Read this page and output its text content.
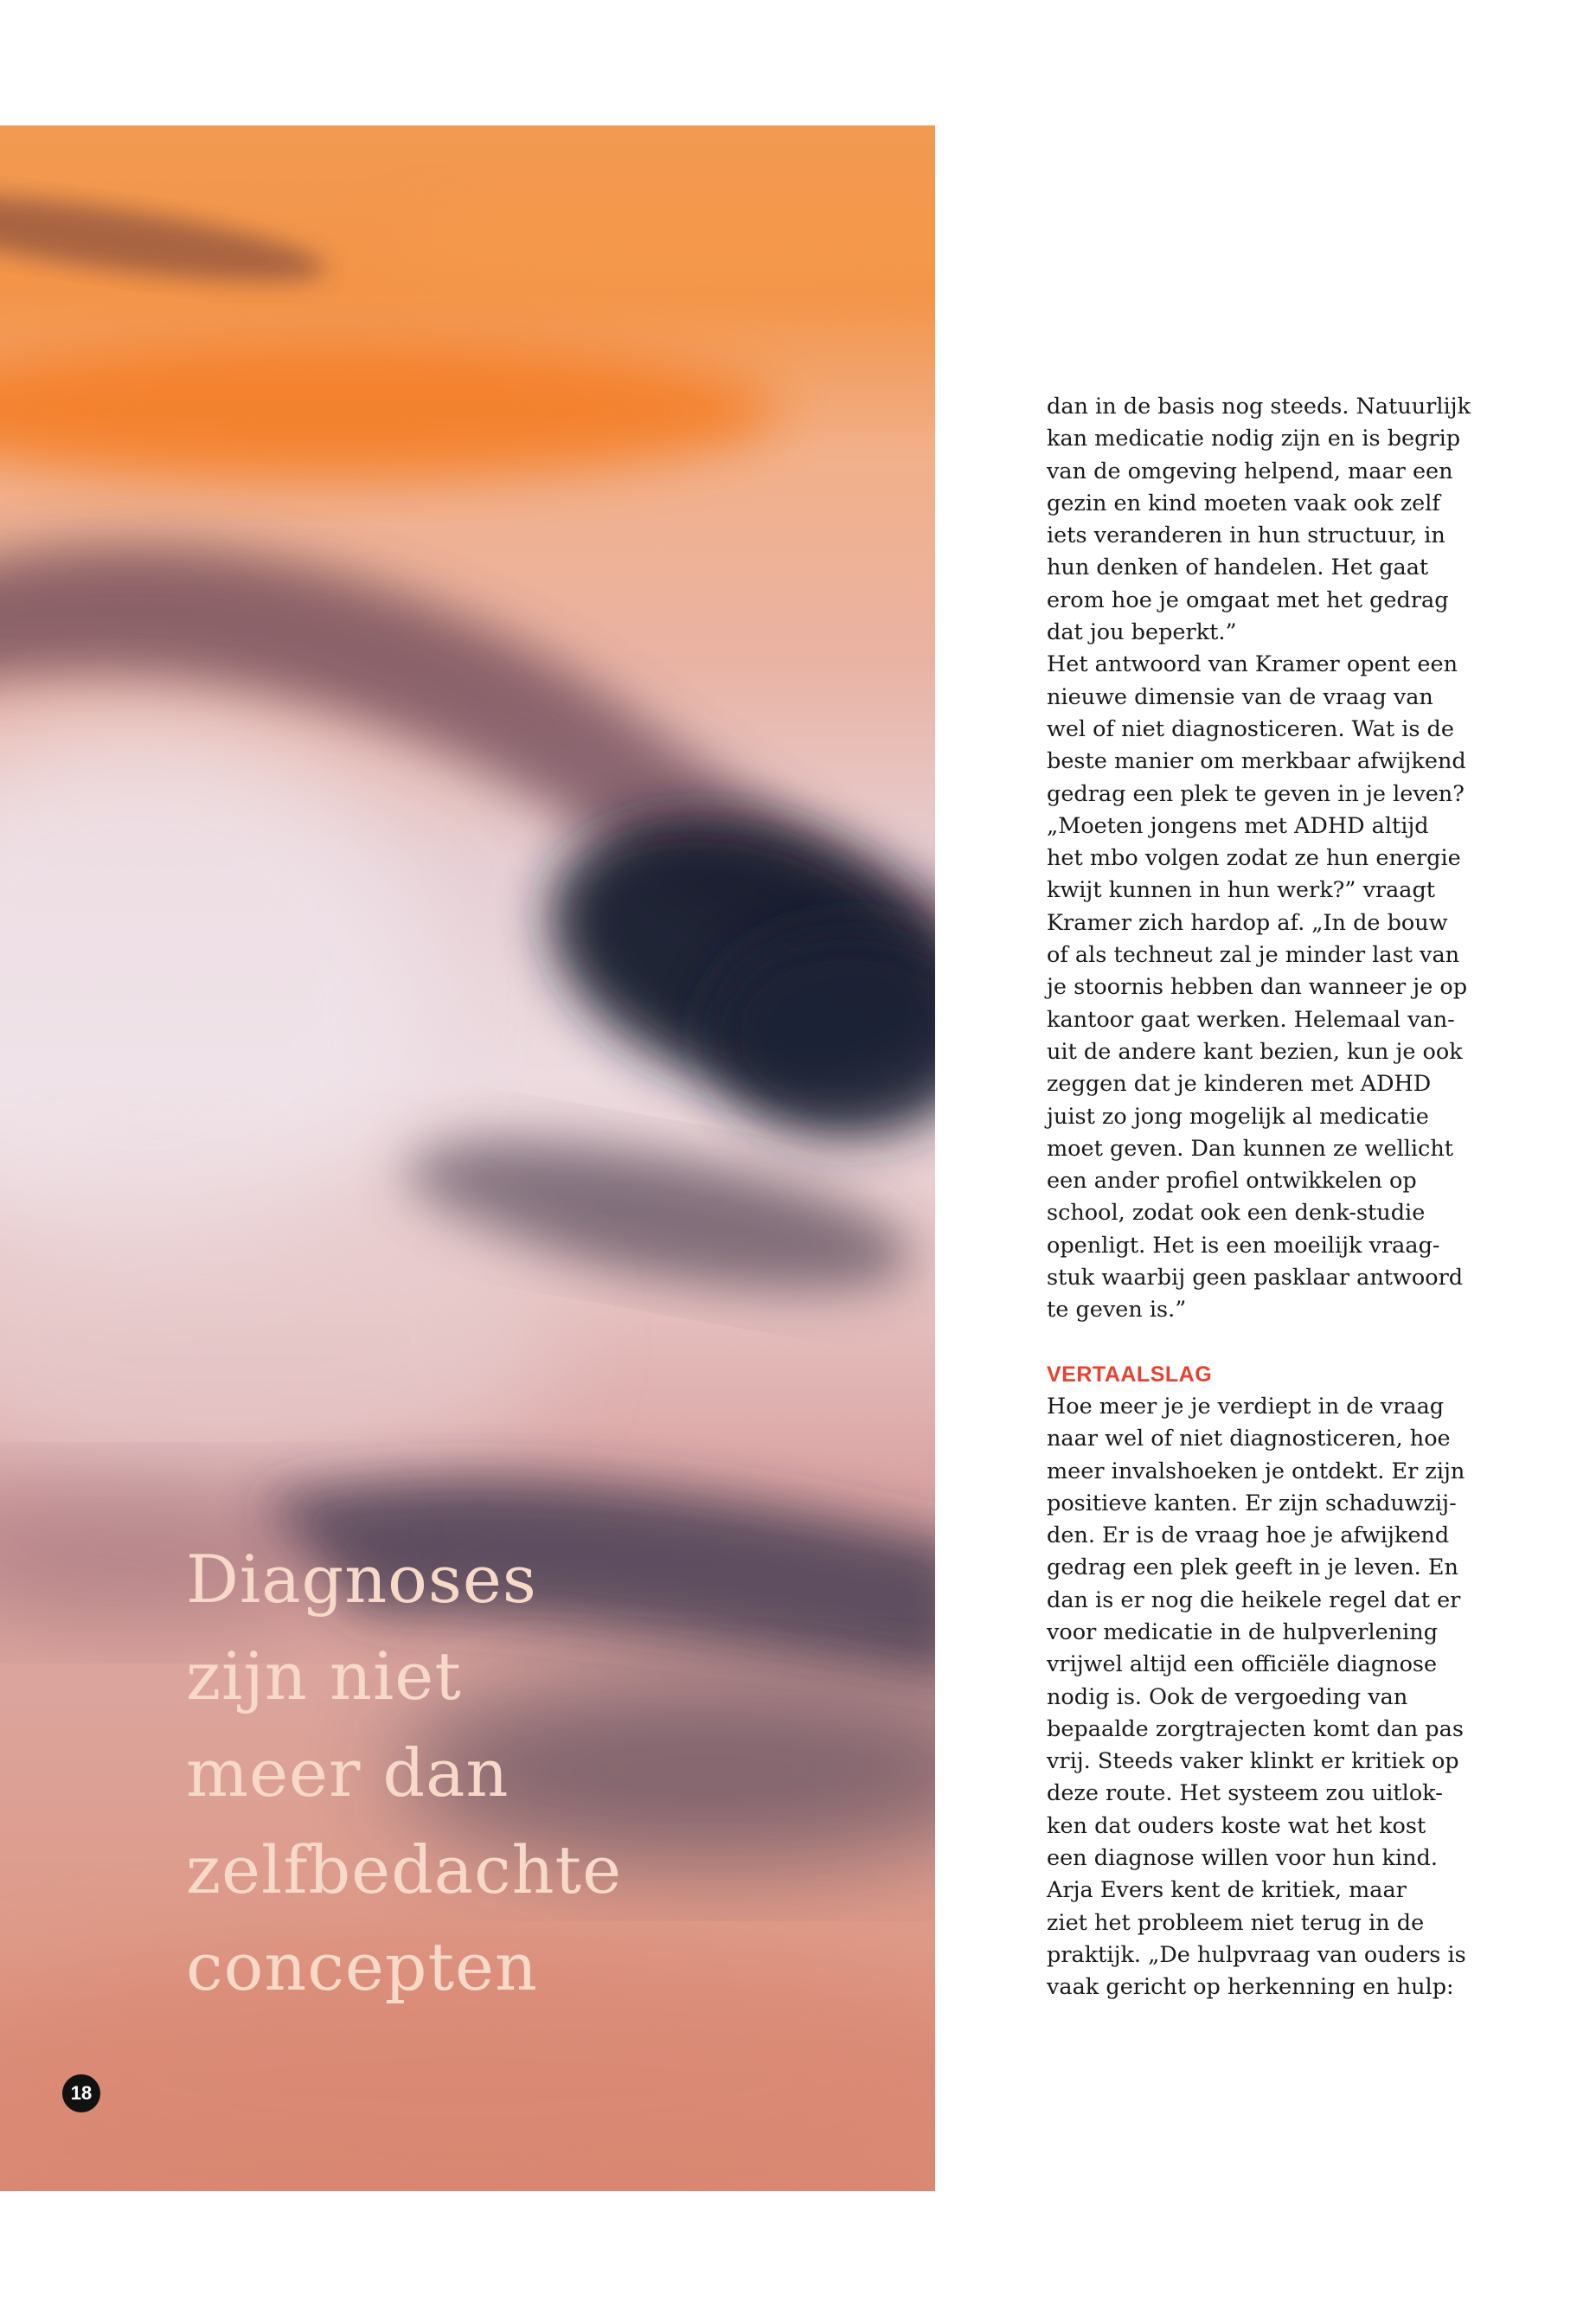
Diagnoses
zijn niet
meer dan
zelfbedachte
concepten
18

dan in de basis nog steeds. Natuurlijk
kan medicatie nodig zijn en is begrip
van de omgeving helpend, maar een
gezin en kind moeten vaak ook zelf
iets veranderen in hun structuur, in
hun denken of handelen. Het gaat
erom hoe je omgaat met het gedrag
dat jou beperkt.”

Het antwoord van Kramer opent een
nieuwe dimensie van de vraag van
wel of niet diagnosticeren. Wat is de
beste manier om merkbaar afwijkend
gedrag een plek te geven in je leven?
„Moeten jongens met ADHD altijd
het mbo volgen zodat ze hun energie
kwijt kunnen in hun werk?” vraagt
Kramer zich hardop af. „In de bouw
of als techneut zal je minder last van
je stoornis hebben dan wanneer je op
kantoor gaat werken. Helemaal van-
uit de andere kant bezien, kun je ook
zeggen dat je kinderen met ADHD
juist zo jong mogelijk al medicatie
moet geven. Dan kunnen ze wellicht
een ander profiel ontwikkelen op
school, zodat ook een denk-studie
openligt. Het is een moeilijk vraag-
stuk waarbij geen pasklaar antwoord
te geven is.”

VERTAALSLAG

Hoe meer je je verdiept in de vraag
naar wel of niet diagnosticeren, hoe
meer invalshoeken je ontdekt. Er zijn
positieve kanten. Er zijn schaduwzij-
den. Er is de vraag hoe je afwijkend
gedrag een plek geeft in je leven. En
dan is er nog die heikele regel dat er
voor medicatie in de hulpverlening
vrijwel altijd een officiële diagnose
nodig is. Ook de vergoeding van
bepaalde zorgtrajecten komt dan pas
vrij. Steeds vaker klinkt er kritiek op
deze route. Het systeem zou uitlok-
ken dat ouders koste wat het kost
een diagnose willen voor hun kind.
Arja Evers kent de kritiek, maar
ziet het probleem niet terug in de
praktijk. „De hulpvraag van ouders is
vaak gericht op herkenning en hulp:
